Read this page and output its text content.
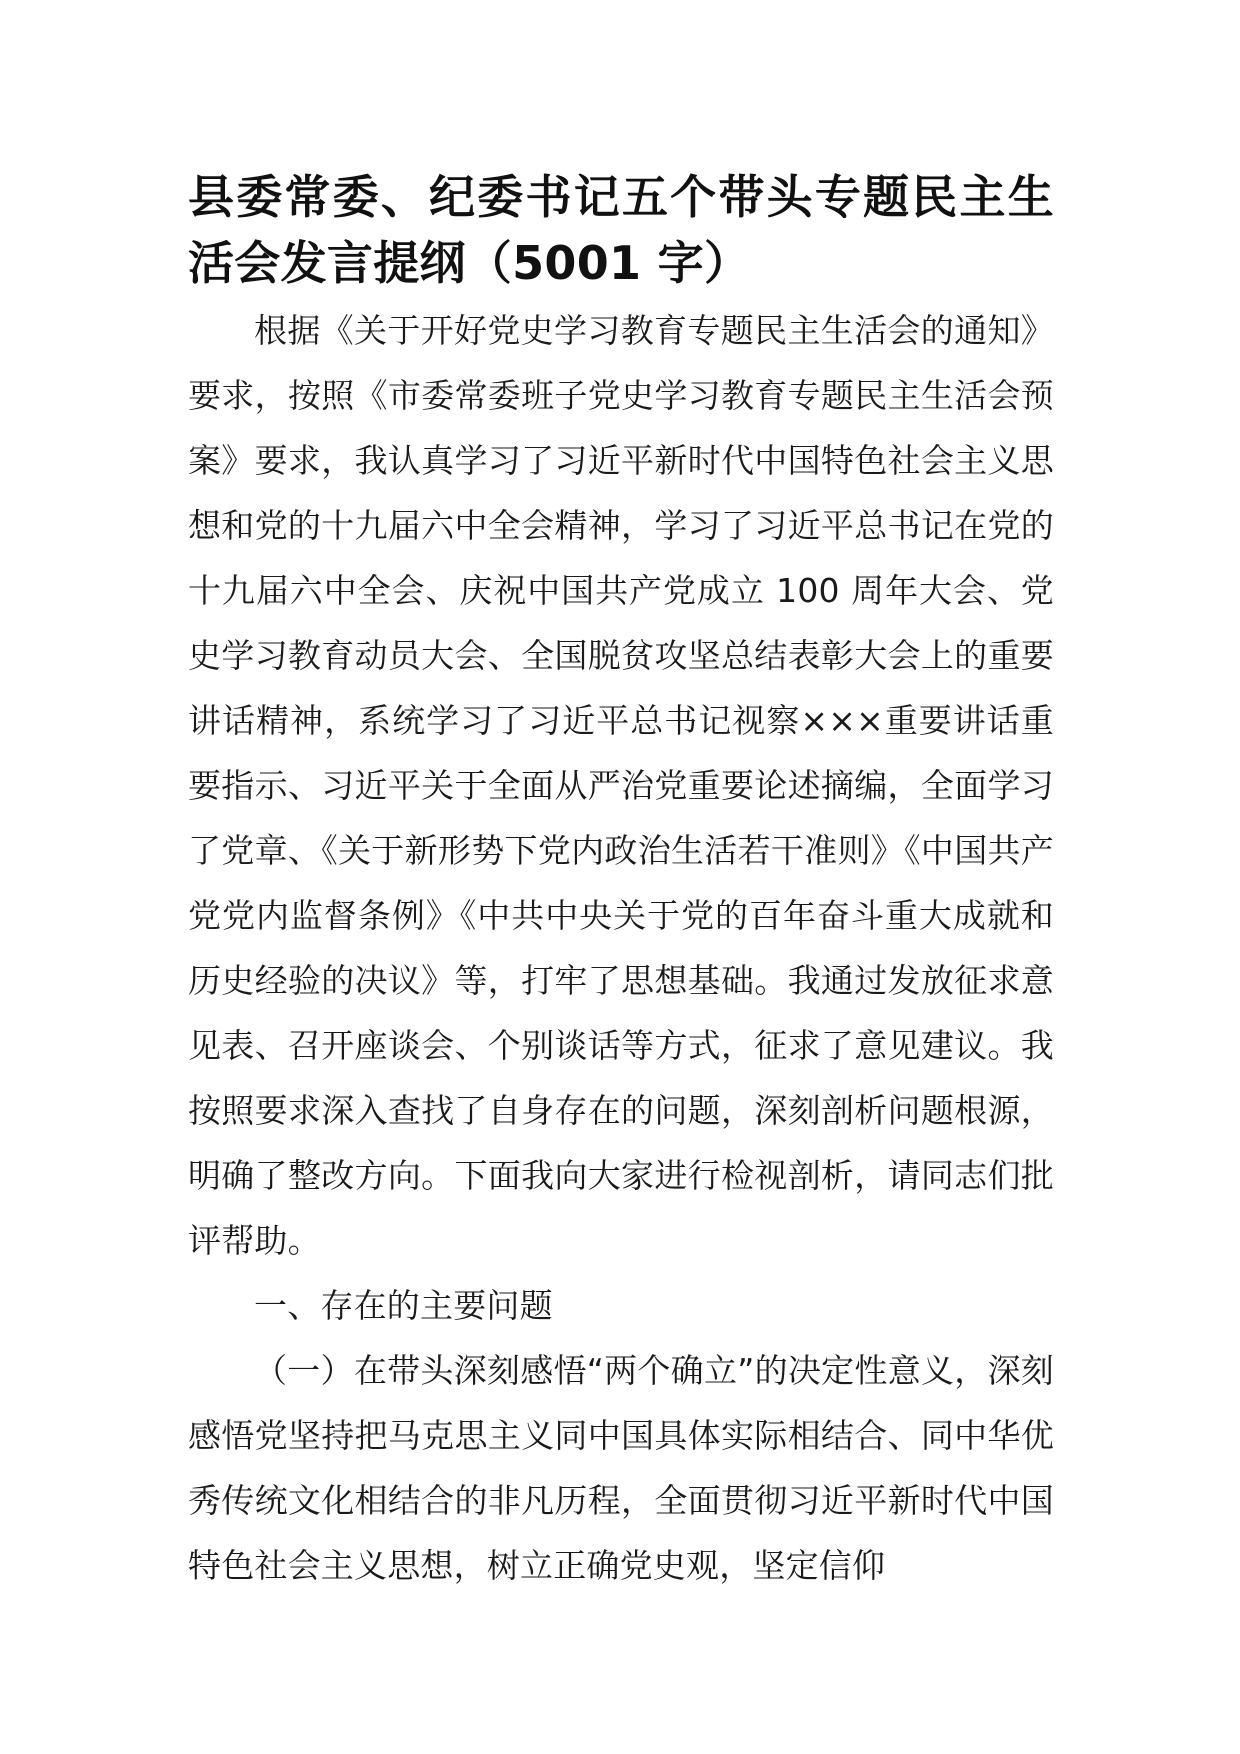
县委常委、纪委书记五个带头专题民主生活会发言提纲（5001 字）

根据《关于开好党史学习教育专题民主生活会的通知》要求，按照《市委常委班子党史学习教育专题民主生活会预案》要求，我认真学习了习近平新时代中国特色社会主义思想和党的十九届六中全会精神，学习了习近平总书记在党的十九届六中全会、庆祝中国共产党成立 100 周年大会、党史学习教育动员大会、全国脱贫攻坚总结表彰大会上的重要讲话精神，系统学习了习近平总书记视察×××重要讲话重要指示、习近平关于全面从严治党重要论述摘编，全面学习了党章、《关于新形势下党内政治生活若干准则》《中国共产党党内监督条例》《中共中央关于党的百年奋斗重大成就和历史经验的决议》等，打牢了思想基础。我通过发放征求意见表、召开座谈会、个别谈话等方式，征求了意见建议。我按照要求深入查找了自身存在的问题，深刻剖析问题根源，明确了整改方向。下面我向大家进行检视剖析，请同志们批评帮助。

一、存在的主要问题

（一）在带头深刻感悟“两个确立”的决定性意义，深刻感悟党坚持把马克思主义同中国具体实际相结合、同中华优秀传统文化相结合的非凡历程，全面贯彻习近平新时代中国特色社会主义思想，树立正确党史观，坚定信仰
